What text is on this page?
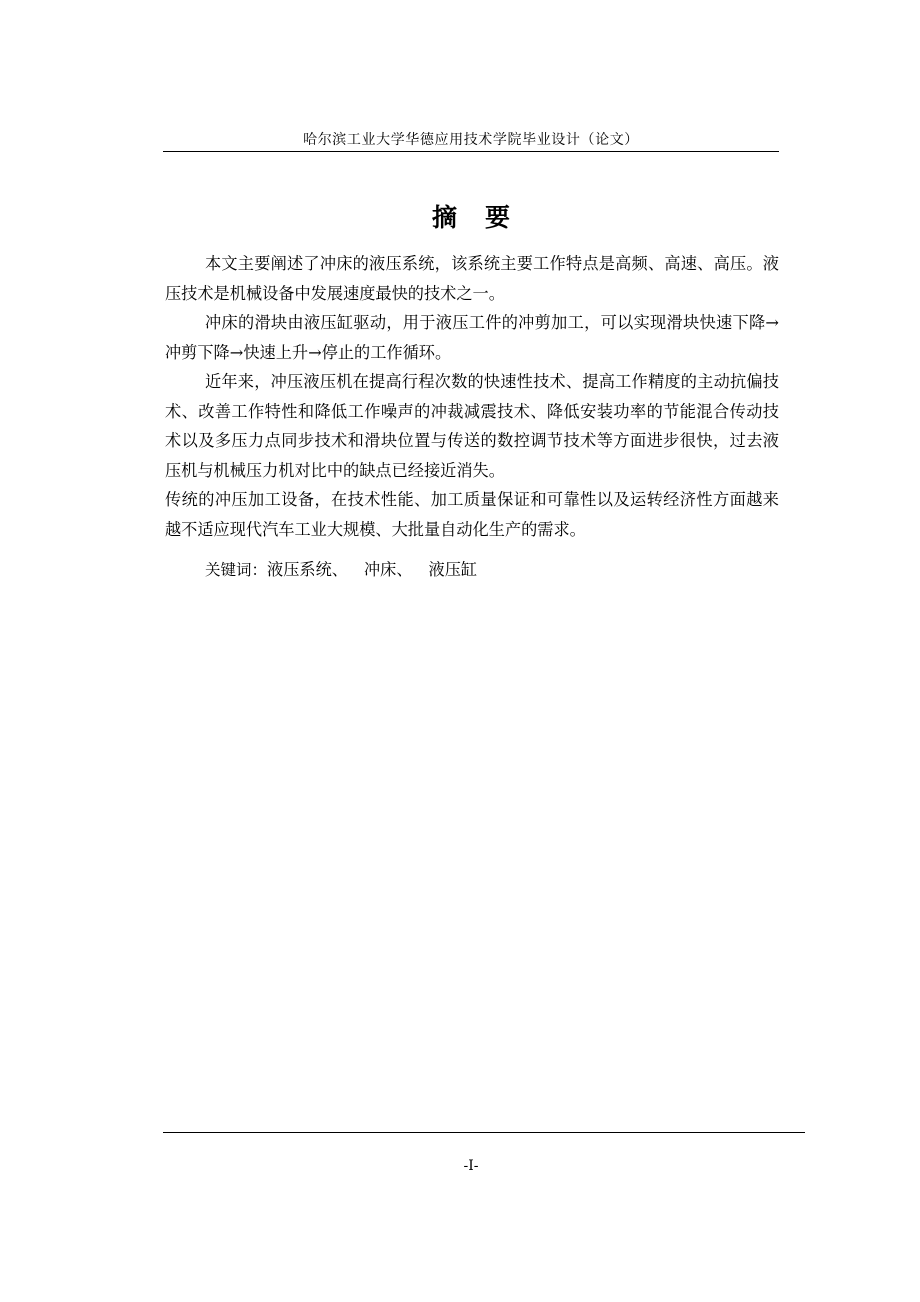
哈尔滨工业大学华德应用技术学院毕业设计（论文）
摘要

本文主要阐述了冲床的液压系统，该系统主要工作特点是高频、高速、高压。液压技术是机械设备中发展速度最快的技术之一。

冲床的滑块由液压缸驱动，用于液压工件的冲剪加工，可以实现滑块快速下降→冲剪下降→快速上升→停止的工作循环。

近年来，冲压液压机在提高行程次数的快速性技术、提高工作精度的主动抗偏技术、改善工作特性和降低工作噪声的冲裁减震技术、降低安装功率的节能混合传动技术以及多压力点同步技术和滑块位置与传送的数控调节技术等方面进步很快，过去液压机与机械压力机对比中的缺点已经接近消失。

传统的冲压加工设备，在技术性能、加工质量保证和可靠性以及运转经济性方面越来越不适应现代汽车工业大规模、大批量自动化生产的需求。

关键词：液压系统、 冲床、 液压缸
-I-
